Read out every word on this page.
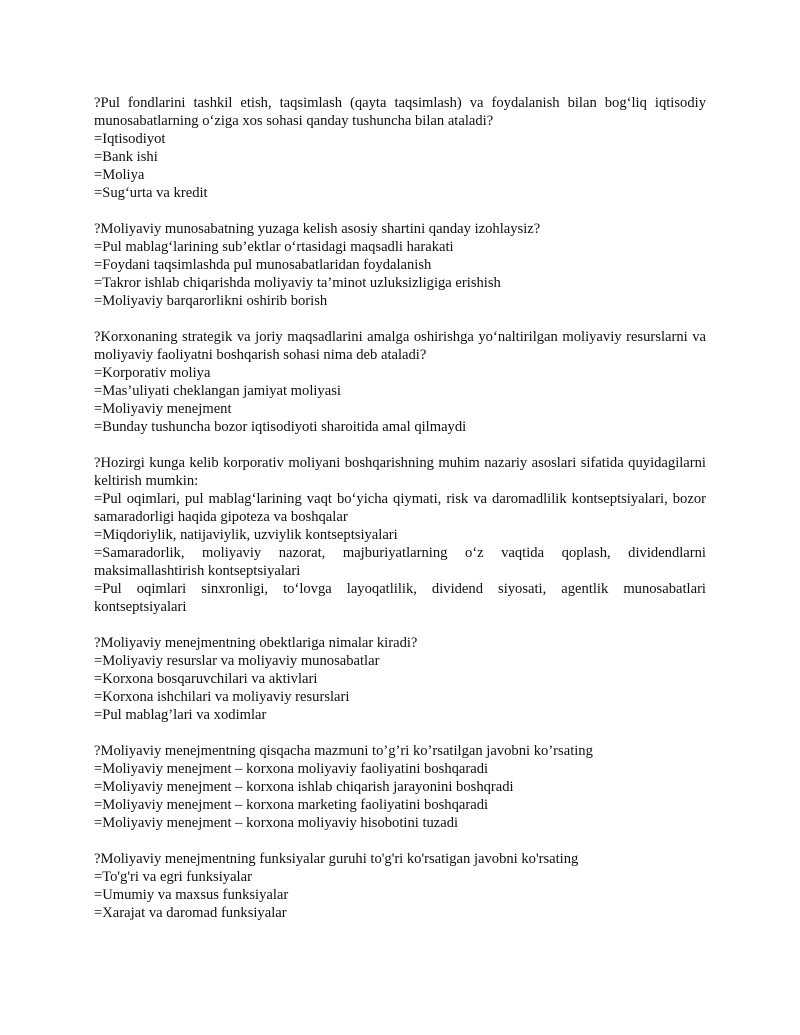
?Pul fondlarini tashkil etish, taqsimlash (qayta taqsimlash) va foydalanish bilan bog‘liq iqtisodiy munosabatlarning o‘ziga xos sohasi qanday tushuncha bilan ataladi?

=Iqtisodiyot

=Bank ishi

=Moliya

=Sug‘urta va kredit

?Moliyaviy munosabatning yuzaga kelish asosiy shartini qanday izohlaysiz?

=Pul mablag‘larining sub’ektlar o‘rtasidagi maqsadli harakati

=Foydani taqsimlashda pul munosabatlaridan foydalanish

=Takror ishlab chiqarishda moliyaviy ta’minot uzluksizligiga erishish

=Moliyaviy barqarorlikni oshirib borish

?Korxonaning strategik va joriy maqsadlarini amalga oshirishga yo‘naltirilgan moliyaviy resurslarni va moliyaviy faoliyatni boshqarish sohasi nima deb ataladi?

=Korporativ moliya

=Mas’uliyati cheklangan jamiyat moliyasi

=Moliyaviy menejment

=Bunday tushuncha bozor iqtisodiyoti sharoitida amal qilmaydi

?Hozirgi kunga kelib korporativ moliyani boshqarishning muhim nazariy asoslari sifatida quyidagilarni keltirish mumkin:

=Pul oqimlari, pul mablag‘larining vaqt bo‘yicha qiymati, risk va daromadlilik kontseptsiyalari, bozor samaradorligi haqida gipoteza va boshqalar

=Miqdoriylik, natijaviylik, uzviylik kontseptsiyalari

=Samaradorlik, moliyaviy nazorat, majburiyatlarning o‘z vaqtida qoplash, dividendlarni maksimallashtirish kontseptsiyalari

=Pul oqimlari sinxronligi, to‘lovga layoqatlilik, dividend siyosati, agentlik munosabatlari kontseptsiyalari

?Moliyaviy menejmentning obektlariga nimalar kiradi?

=Moliyaviy resurslar va moliyaviy munosabatlar

=Korxona bosqaruvchilari va aktivlari

=Korxona ishchilari va moliyaviy resurslari

=Pul mablag’lari va xodimlar

?Moliyaviy menejmentning qisqacha mazmuni to’g’ri ko’rsatilgan javobni ko’rsating

=Moliyaviy menejment – korxona moliyaviy faoliyatini boshqaradi

=Moliyaviy menejment – korxona ishlab chiqarish jarayonini boshqradi

=Moliyaviy menejment – korxona marketing faoliyatini boshqaradi

=Moliyaviy menejment – korxona moliyaviy hisobotini tuzadi

?Moliyaviy menejmentning funksiyalar guruhi to'g'ri ko'rsatigan javobni ko'rsating

=To'g'ri va egri funksiyalar

=Umumiy va maxsus funksiyalar

=Xarajat va daromad funksiyalar
